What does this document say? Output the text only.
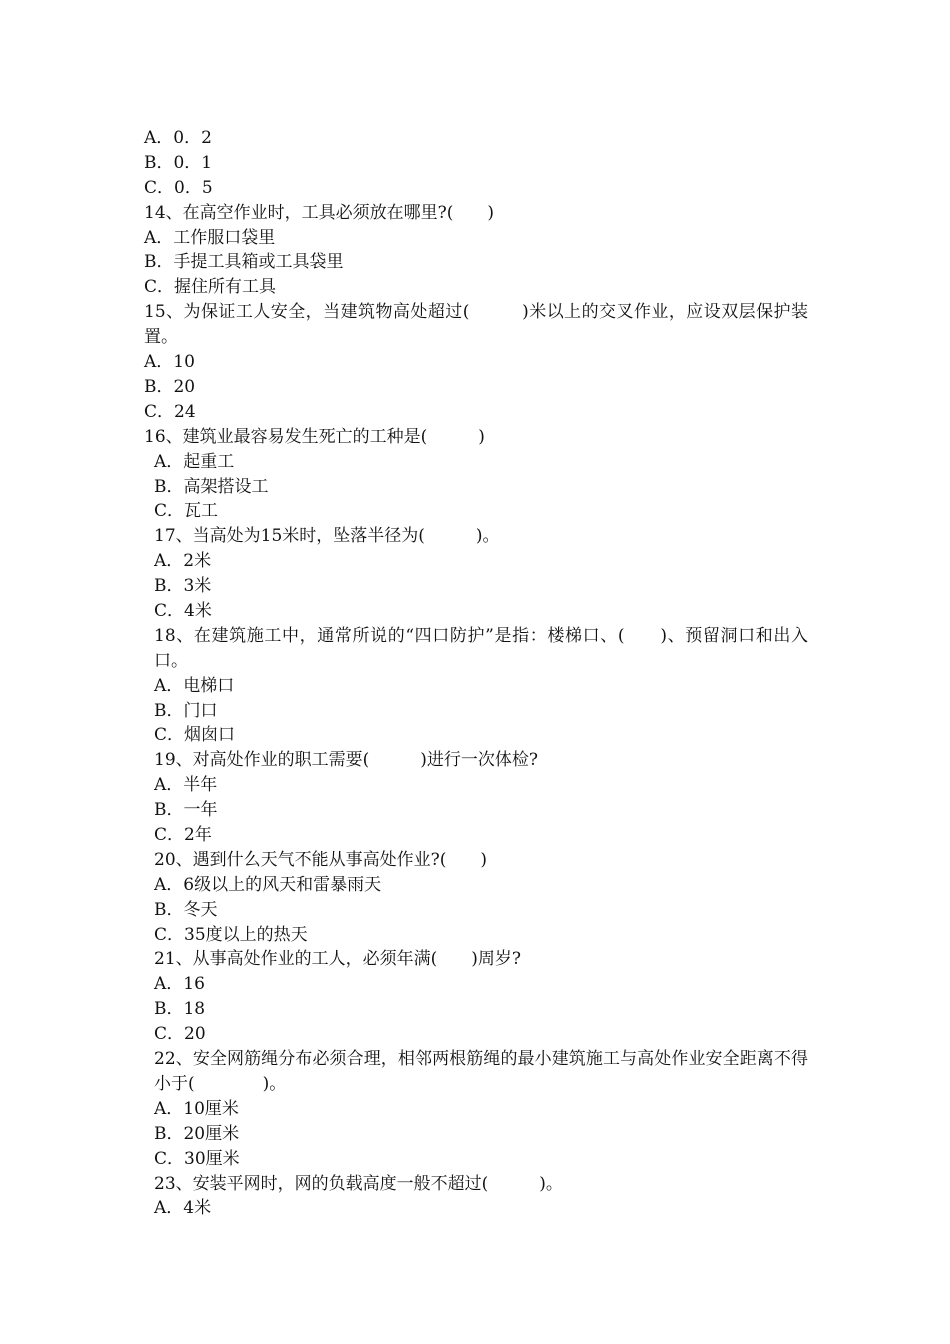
A．0．2
B．0．1
C．0．5
14、在高空作业时，工具必须放在哪里?(　　)
A．工作服口袋里
B．手提工具箱或工具袋里
C．握住所有工具
15、为保证工人安全，当建筑物高处超过(　　　)米以上的交叉作业，应设双层保护装置。
A．10
B．20
C．24
16、建筑业最容易发生死亡的工种是(　　　)
A．起重工
B．高架搭设工
C．瓦工
17、当高处为15米时，坠落半径为(　　　)。
A．2米
B．3米
C．4米
18、在建筑施工中，通常所说的“四口防护”是指：楼梯口、(　　)、预留洞口和出入口。
A．电梯口
B．门口
C．烟囱口
19、对高处作业的职工需要(　　　)进行一次体检?
A．半年
B．一年
C．2年
20、遇到什么天气不能从事高处作业?(　　)
A．6级以上的风天和雷暴雨天
B．冬天
C．35度以上的热天
21、从事高处作业的工人，必须年满(　　)周岁?
A．16
B．18
C．20
22、安全网筋绳分布必须合理，相邻两根筋绳的最小建筑施工与高处作业安全距离不得小于(　　　　)。
A．10厘米
B．20厘米
C．30厘米
23、安装平网时，网的负载高度一般不超过(　　　)。
A．4米
